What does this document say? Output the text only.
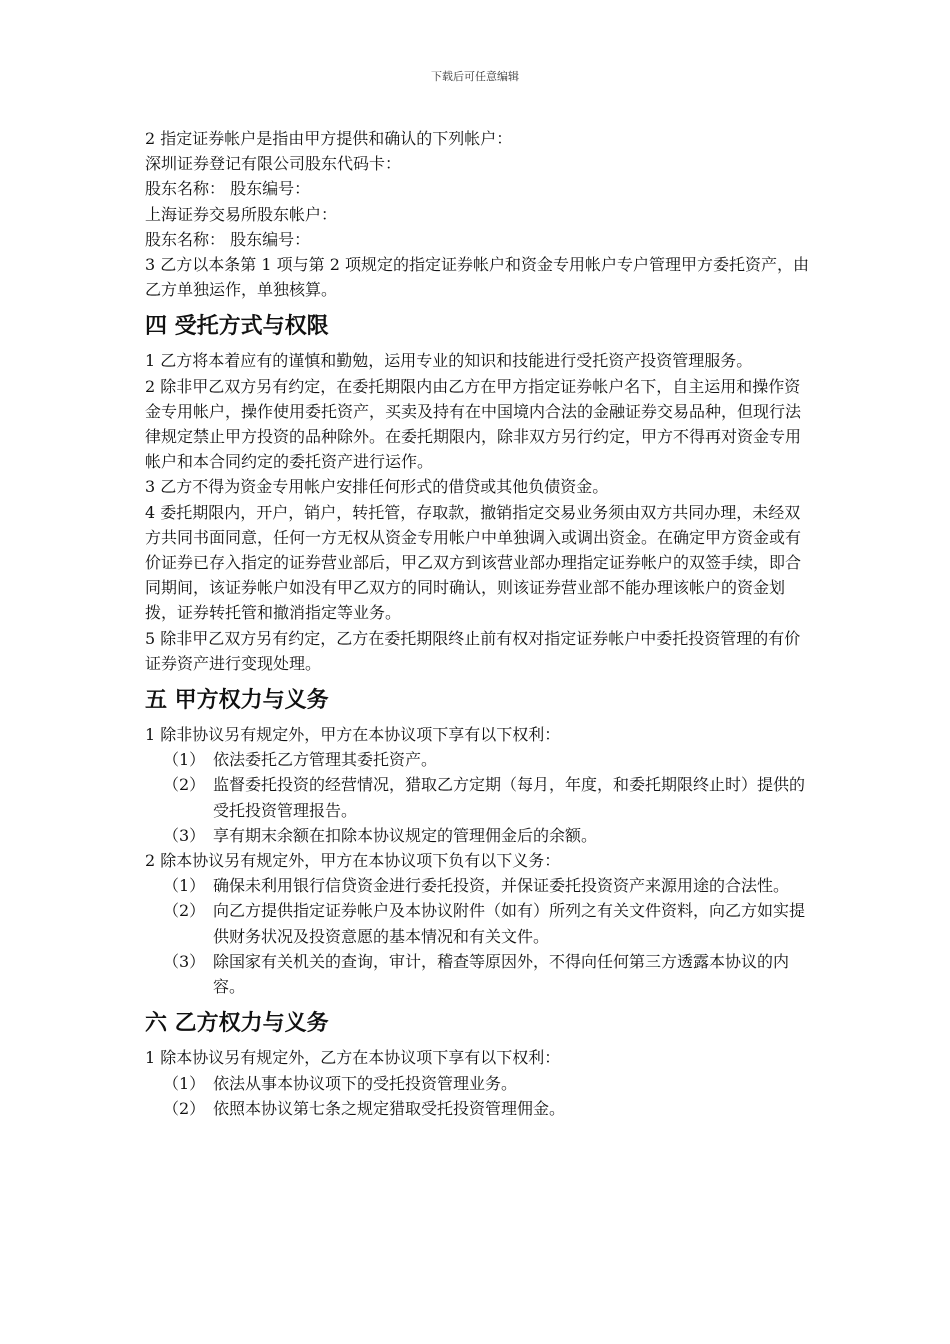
下载后可任意编辑

2 指定证券帐户是指由甲方提供和确认的下列帐户：

深圳证券登记有限公司股东代码卡：

股东名称： 股东编号：

上海证券交易所股东帐户：

股东名称： 股东编号：

3 乙方以本条第 1 项与第 2 项规定的指定证券帐户和资金专用帐户专户管理甲方委托资产，由乙方单独运作，单独核算。

四 受托方式与权限

1 乙方将本着应有的谨慎和勤勉，运用专业的知识和技能进行受托资产投资管理服务。

2 除非甲乙双方另有约定，在委托期限内由乙方在甲方指定证券帐户名下，自主运用和操作资金专用帐户，操作使用委托资产，买卖及持有在中国境内合法的金融证券交易品种，但现行法律规定禁止甲方投资的品种除外。在委托期限内，除非双方另行约定，甲方不得再对资金专用帐户和本合同约定的委托资产进行运作。

3 乙方不得为资金专用帐户安排任何形式的借贷或其他负债资金。

4 委托期限内，开户，销户，转托管，存取款，撤销指定交易业务须由双方共同办理，未经双方共同书面同意，任何一方无权从资金专用帐户中单独调入或调出资金。在确定甲方资金或有价证券已存入指定的证券营业部后，甲乙双方到该营业部办理指定证券帐户的双签手续，即合同期间，该证券帐户如没有甲乙双方的同时确认，则该证券营业部不能办理该帐户的资金划拨，证券转托管和撤消指定等业务。

5 除非甲乙双方另有约定，乙方在委托期限终止前有权对指定证券帐户中委托投资管理的有价证券资产进行变现处理。

五 甲方权力与义务

1 除非协议另有规定外，甲方在本协议项下享有以下权利：

（1） 依法委托乙方管理其委托资产。
（2） 监督委托投资的经营情况，猎取乙方定期（每月，年度，和委托期限终止时）提供的受托投资管理报告。
（3） 享有期末余额在扣除本协议规定的管理佣金后的余额。

2 除本协议另有规定外，甲方在本协议项下负有以下义务：

（1） 确保未利用银行信贷资金进行委托投资，并保证委托投资资产来源用途的合法性。
（2） 向乙方提供指定证券帐户及本协议附件（如有）所列之有关文件资料，向乙方如实提供财务状况及投资意愿的基本情况和有关文件。
（3） 除国家有关机关的查询，审计，稽查等原因外，不得向任何第三方透露本协议的内容。
六 乙方权力与义务

1 除本协议另有规定外，乙方在本协议项下享有以下权利：

（1） 依法从事本协议项下的受托投资管理业务。
（2） 依照本协议第七条之规定猎取受托投资管理佣金。
